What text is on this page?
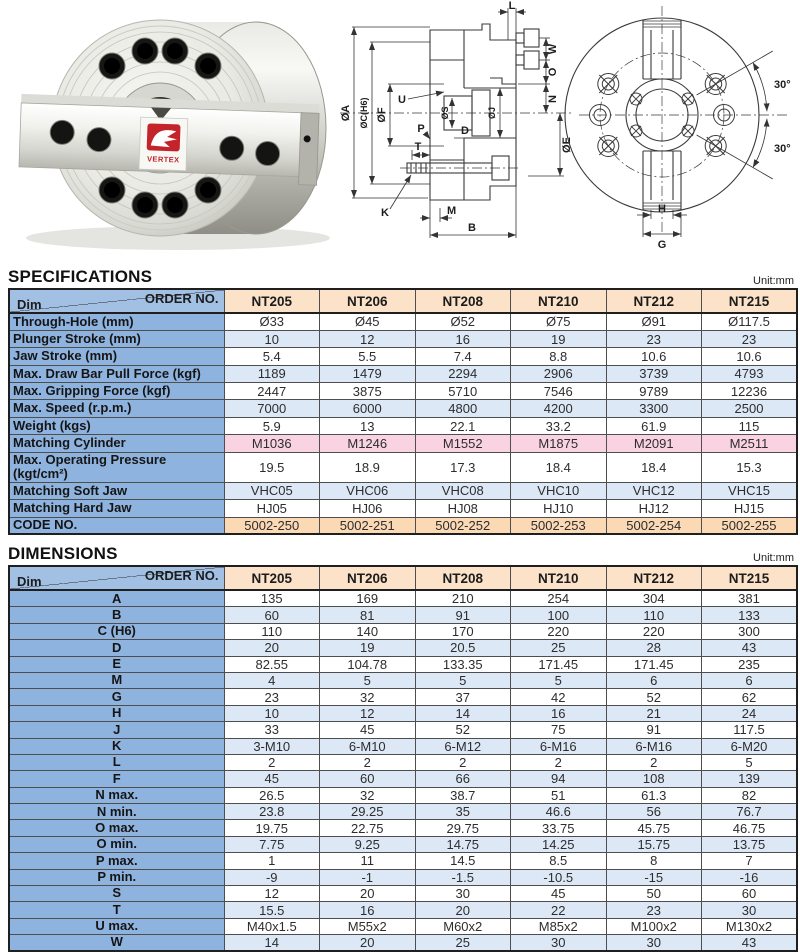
VERTEX
L
W
O
N
ØE
ØA ØC(H6) ØF	ØS	ØJ
U
P	D
T
K	M
B
30°
30°
H
G
SPECIFICATIONS	Unit:mm
ORDER NO.
Dim	NT205	NT206	NT208	NT210	NT212	NT215
Through-Hole (mm)	Ø33	Ø45	Ø52	Ø75	Ø91	Ø117.5
Plunger Stroke (mm)	10	12	16	19	23	23
Jaw Stroke (mm)	5.4	5.5	7.4	8.8	10.6	10.6
Max. Draw Bar Pull Force (kgf)	1189	1479	2294	2906	3739	4793
Max. Gripping Force (kgf)	2447	3875	5710	7546	9789	12236
Max. Speed (r.p.m.)	7000	6000	4800	4200	3300	2500
Weight (kgs)	5.9	13	22.1	33.2	61.9	115
Matching Cylinder	M1036	M1246	M1552	M1875	M2091	M2511
Max. Operating Pressure (kgt/cm²)	19.5	18.9	17.3	18.4	18.4	15.3
Matching Soft Jaw	VHC05	VHC06	VHC08	VHC10	VHC12	VHC15
Matching Hard Jaw	HJ05	HJ06	HJ08	HJ10	HJ12	HJ15
CODE NO.	5002-250	5002-251	5002-252	5002-253	5002-254	5002-255
DIMENSIONS	Unit:mm
ORDER NO.
Dim	NT205	NT206	NT208	NT210	NT212	NT215
A	135	169	210	254	304	381
B	60	81	91	100	110	133
C (H6)	110	140	170	220	220	300
D	20	19	20.5	25	28	43
E	82.55	104.78	133.35	171.45	171.45	235
M	4	5	5	5	6	6
G	23	32	37	42	52	62
H	10	12	14	16	21	24
J	33	45	52	75	91	117.5
K	3-M10	6-M10	6-M12	6-M16	6-M16	6-M20
L	2	2	2	2	2	5
F	45	60	66	94	108	139
N max.	26.5	32	38.7	51	61.3	82
N min.	23.8	29.25	35	46.6	56	76.7
O max.	19.75	22.75	29.75	33.75	45.75	46.75
O min.	7.75	9.25	14.75	14.25	15.75	13.75
P max.	1	11	14.5	8.5	8	7
P min.	-9	-1	-1.5	-10.5	-15	-16
S	12	20	30	45	50	60
T	15.5	16	20	22	23	30
U max.	M40x1.5	M55x2	M60x2	M85x2	M100x2	M130x2
W	14	20	25	30	30	43
